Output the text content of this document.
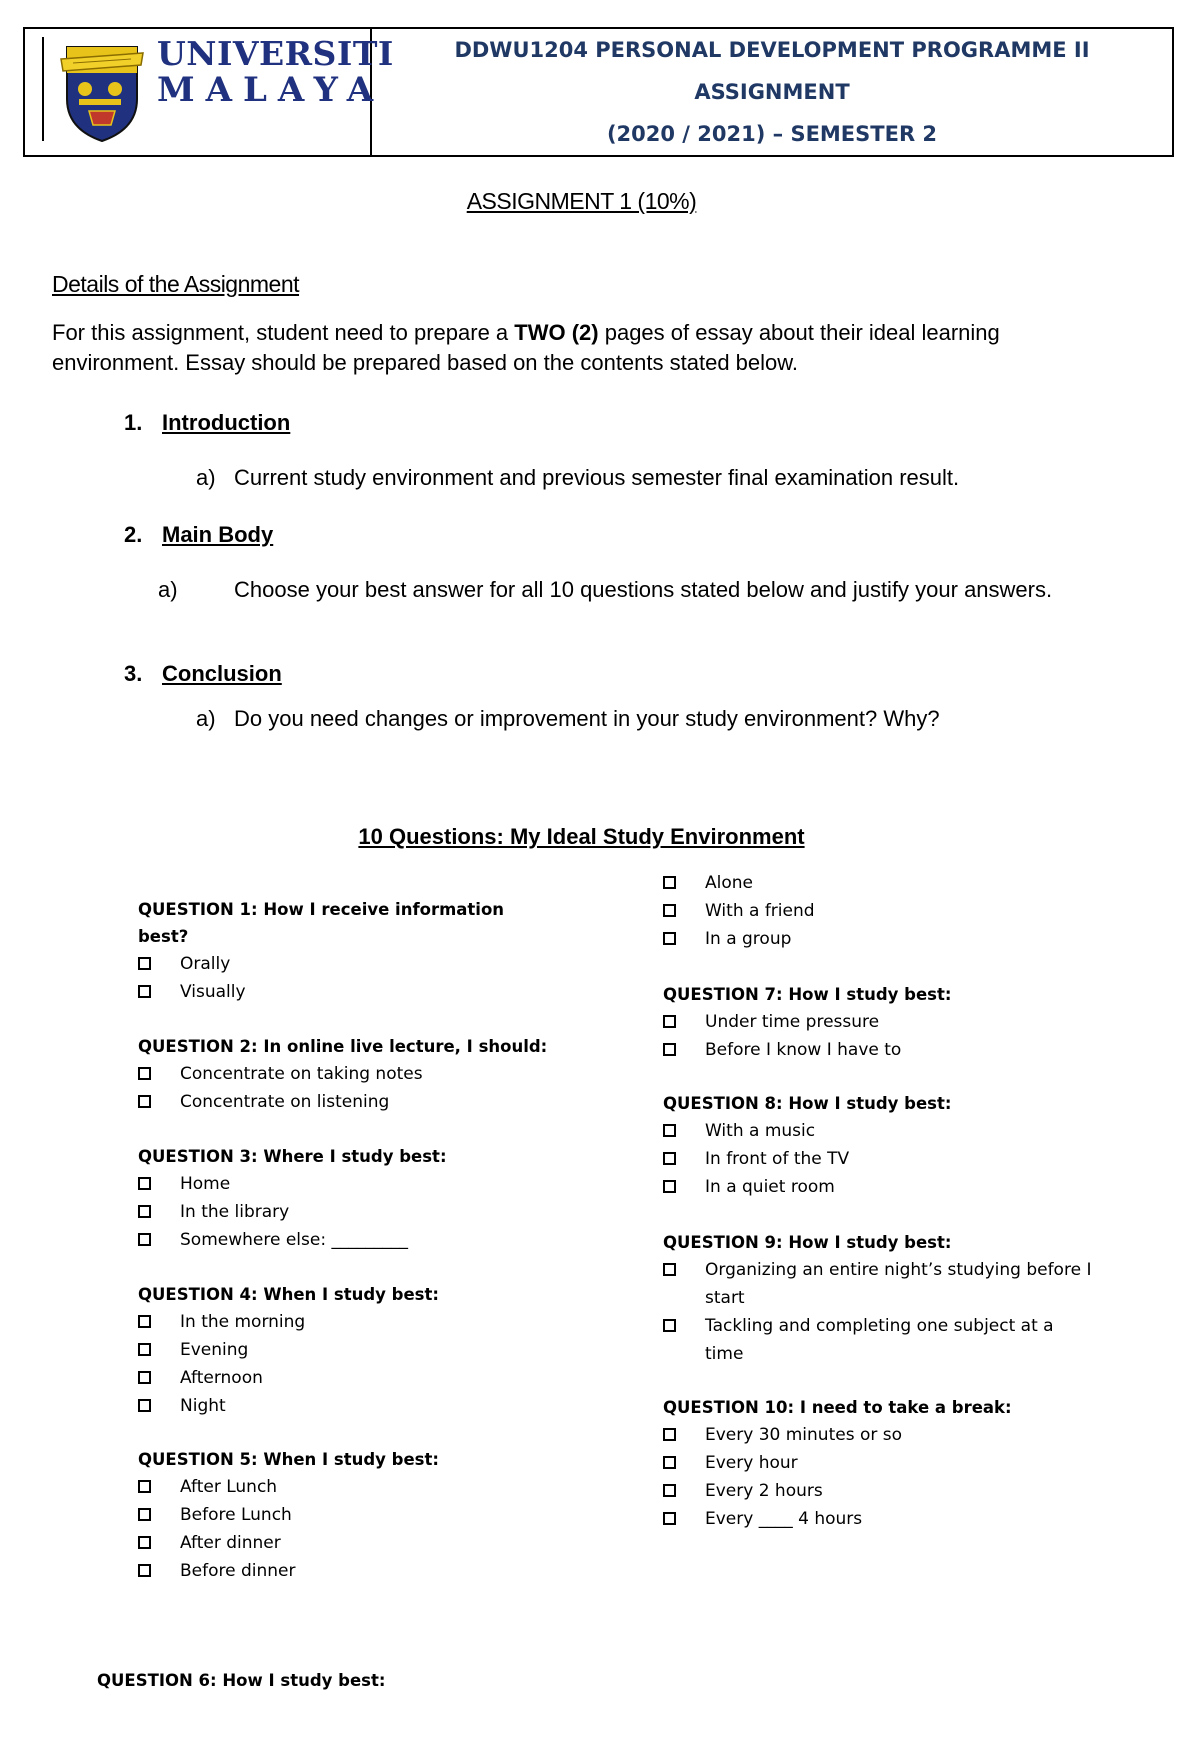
UNIVERSITI
MALAYA
DDWU1204 PERSONAL DEVELOPMENT PROGRAMME II
ASSIGNMENT
(2020 / 2021) – SEMESTER 2
ASSIGNMENT 1 (10%)
Details of the Assignment
For this assignment, student need to prepare a TWO (2) pages of essay about their ideal learning environment. Essay should be prepared based on the contents stated below.
1. Introduction
a) Current study environment and previous semester final examination result.
2. Main Body
a)	Choose your best answer for all 10 questions stated below and justify your answers.
3. Conclusion
a) Do you need changes or improvement in your study environment? Why?
10 Questions: My Ideal Study Environment
QUESTION 1: How I receive information best?
Orally
Visually
QUESTION 2: In online live lecture, I should:
Concentrate on taking notes
Concentrate on listening
QUESTION 3: Where I study best:
Home
In the library
Somewhere else: _________
QUESTION 4: When I study best:
In the morning
Evening
Afternoon
Night
QUESTION 5: When I study best:
After Lunch
Before Lunch
After dinner
Before dinner
QUESTION 6: How I study best:
Alone
With a friend
In a group
QUESTION 7: How I study best:
Under time pressure
Before I know I have to
QUESTION 8: How I study best:
With a music
In front of the TV
In a quiet room
QUESTION 9: How I study best:
Organizing an entire night’s studying before I start
Tackling and completing one subject at a time
QUESTION 10: I need to take a break:
Every 30 minutes or so
Every hour
Every 2 hours
Every ____ 4 hours
